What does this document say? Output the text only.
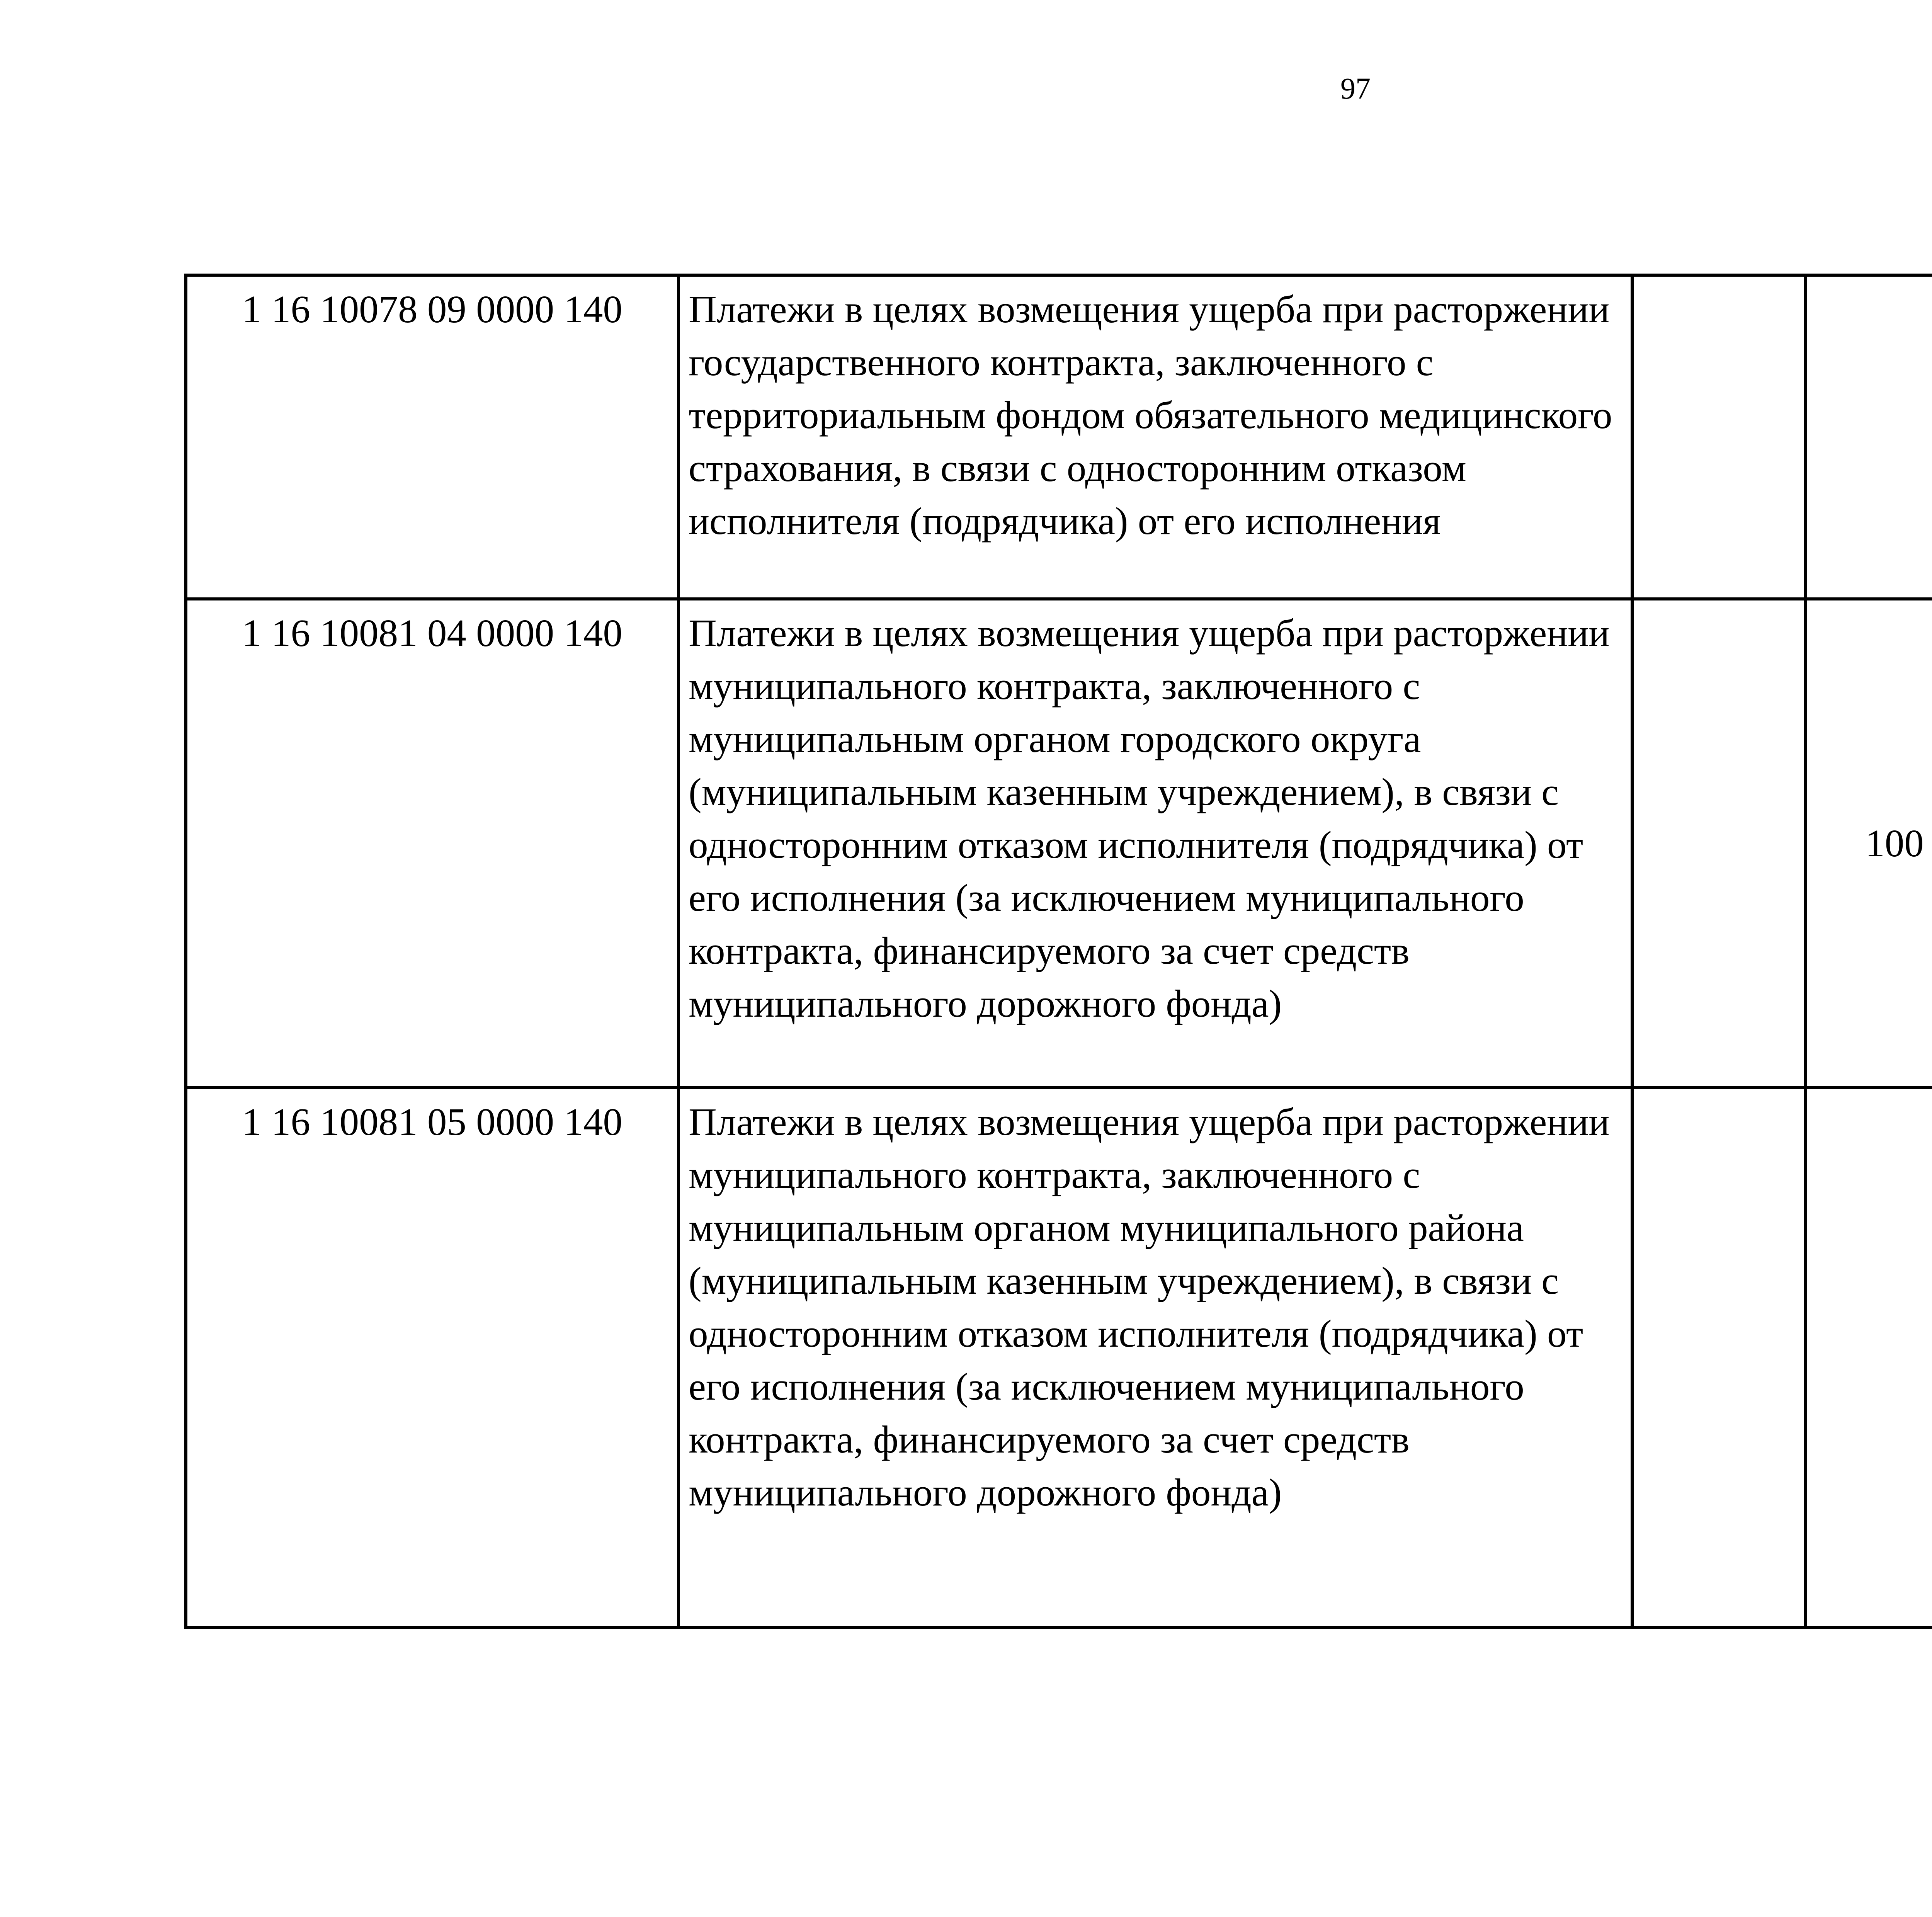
97
1 16 10078 09 0000 140	Платежи в целях возмещения ущерба при расторжении государственного контракта, заключенного с территориальным фондом обязательного медицинского страхования, в связи с односторонним отказом исполнителя (подрядчика) от его исполнения					
1 16 10081 04 0000 140	Платежи в целях возмещения ущерба при расторжении муниципального контракта, заключенного с муниципальным органом городского округа (муниципальным казенным учреждением), в связи с односторонним отказом исполнителя (подрядчика) от его исполнения (за исключением муниципального контракта, финансируемого за счет средств муниципального дорожного фонда)		100			
1 16 10081 05 0000 140	Платежи в целях возмещения ущерба при расторжении муниципального контракта, заключенного с муниципальным органом муниципального района (муниципальным казенным учреждением), в связи с односторонним отказом исполнителя (подрядчика) от его исполнения (за исключением муниципального контракта, финансируемого за счет средств муниципального дорожного фонда)					
